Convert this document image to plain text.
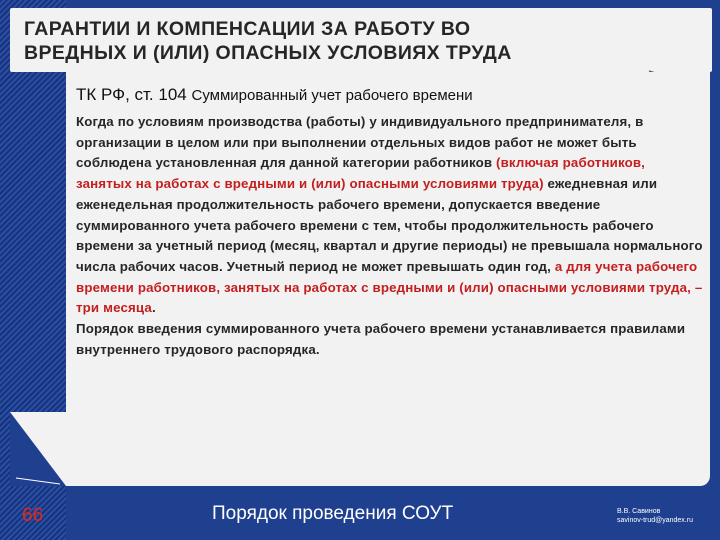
ГАРАНТИИ И КОМПЕНСАЦИИ ЗА РАБОТУ ВО
ВРЕДНЫХ И (ИЛИ) ОПАСНЫХ УСЛОВИЯХ ТРУДА
ТК РФ, ст. 104 Суммированный учет рабочего времени

Когда по условиям производства (работы) у индивидуального предпринимателя, в организации в целом или при выполнении отдельных видов работ не может быть соблюдена установленная для данной категории работников (включая работников, занятых на работах с вредными и (или) опасными условиями труда) ежедневная или еженедельная продолжительность рабочего времени, допускается введение суммированного учета рабочего времени с тем, чтобы продолжительность рабочего времени за учетный период (месяц, квартал и другие периоды) не превышала нормального числа рабочих часов. Учетный период не может превышать один год, а для учета рабочего времени работников, занятых на работах с вредными и (или) опасными условиями труда, – три месяца.
Порядок введения суммированного учета рабочего времени устанавливается правилами внутреннего трудового распорядка.

66	Порядок проведения СОУТ	В.В. Савинов
savinov-trud@yandex.ru
